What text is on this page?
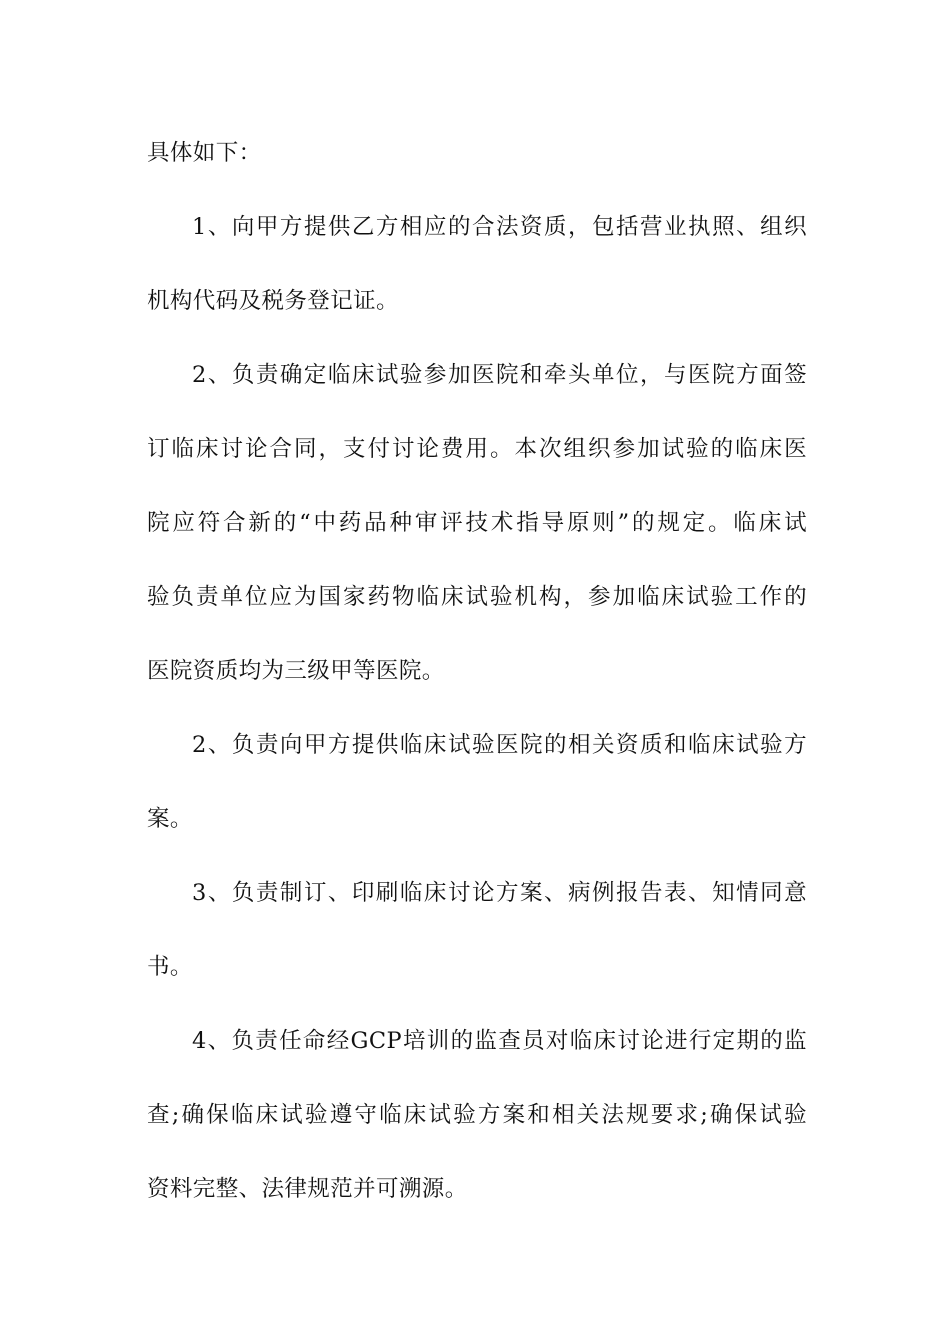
具体如下：
1、向甲方提供乙方相应的合法资质，包括营业执照、组织
机构代码及税务登记证。
2、负责确定临床试验参加医院和牵头单位，与医院方面签
订临床讨论合同，支付讨论费用。本次组织参加试验的临床医
院应符合新的“中药品种审评技术指导原则”的规定。临床试
验负责单位应为国家药物临床试验机构，参加临床试验工作的
医院资质均为三级甲等医院。
2、负责向甲方提供临床试验医院的相关资质和临床试验方
案。
3、负责制订、印刷临床讨论方案、病例报告表、知情同意
书。
4、负责任命经GCP培训的监查员对临床讨论进行定期的监
查;确保临床试验遵守临床试验方案和相关法规要求;确保试验
资料完整、法律规范并可溯源。
